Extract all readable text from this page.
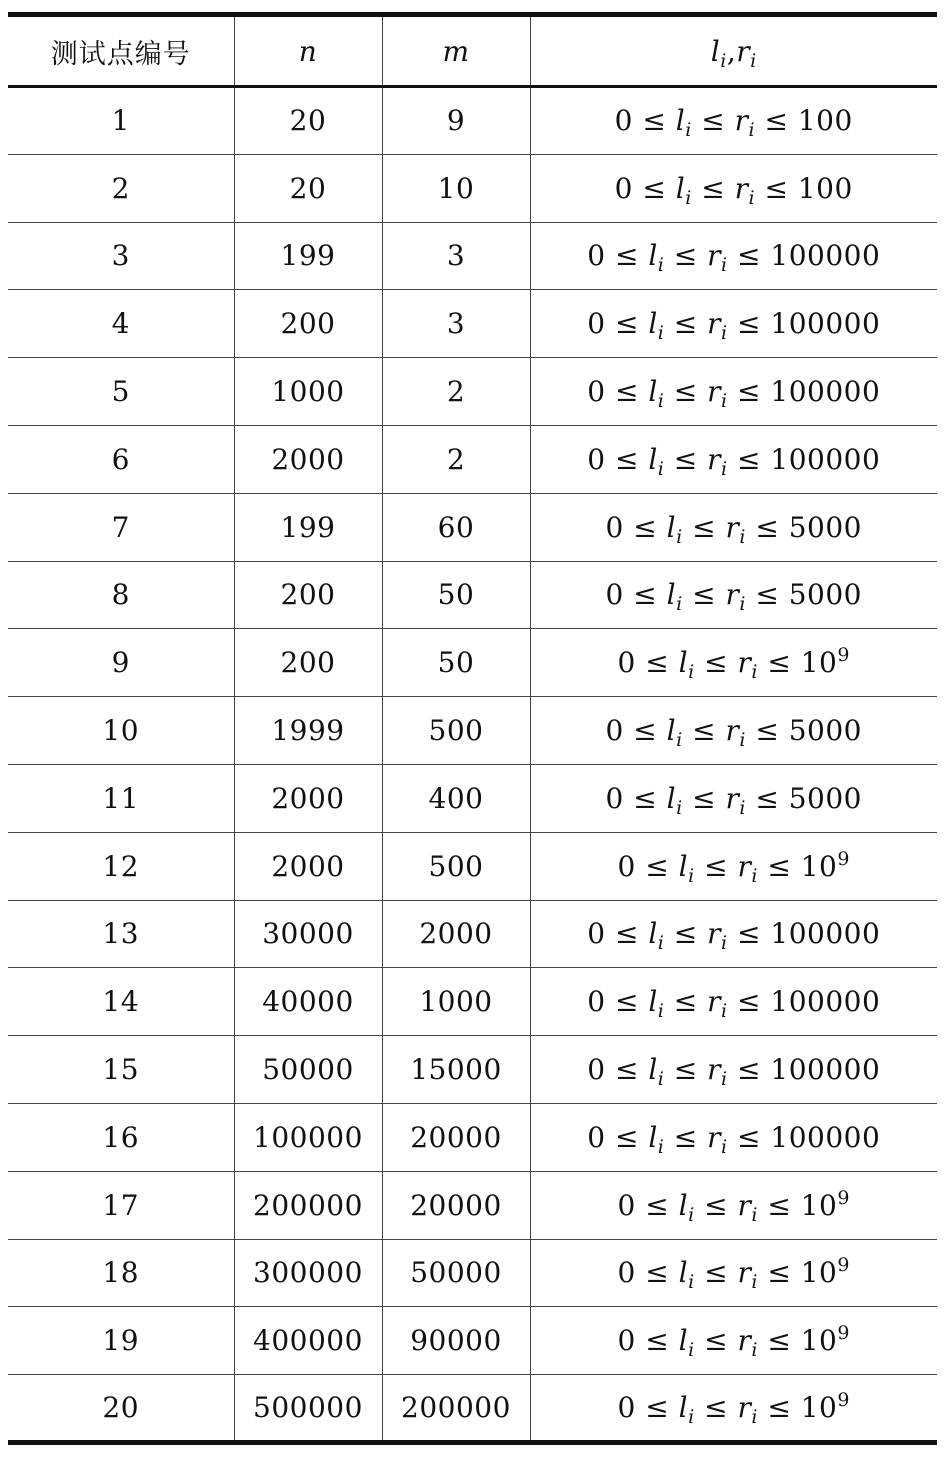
测试点编号	n	m	$l_i,r_i$
1	20	9	$0 \le l_i \le r_i \le 100$
2	20	10	$0 \le l_i \le r_i \le 100$
3	199	3	$0 \le l_i \le r_i \le 100000$
4	200	3	$0 \le l_i \le r_i \le 100000$
5	1000	2	$0 \le l_i \le r_i \le 100000$
6	2000	2	$0 \le l_i \le r_i \le 100000$
7	199	60	$0 \le l_i \le r_i \le 5000$
8	200	50	$0 \le l_i \le r_i \le 5000$
9	200	50	$0 \le l_i \le r_i \le 10^9$
10	1999	500	$0 \le l_i \le r_i \le 5000$
11	2000	400	$0 \le l_i \le r_i \le 5000$
12	2000	500	$0 \le l_i \le r_i \le 10^9$
13	30000	2000	$0 \le l_i \le r_i \le 100000$
14	40000	1000	$0 \le l_i \le r_i \le 100000$
15	50000	15000	$0 \le l_i \le r_i \le 100000$
16	100000	20000	$0 \le l_i \le r_i \le 100000$
17	200000	20000	$0 \le l_i \le r_i \le 10^9$
18	300000	50000	$0 \le l_i \le r_i \le 10^9$
19	400000	90000	$0 \le l_i \le r_i \le 10^9$
20	500000	200000	$0 \le l_i \le r_i \le 10^9$
